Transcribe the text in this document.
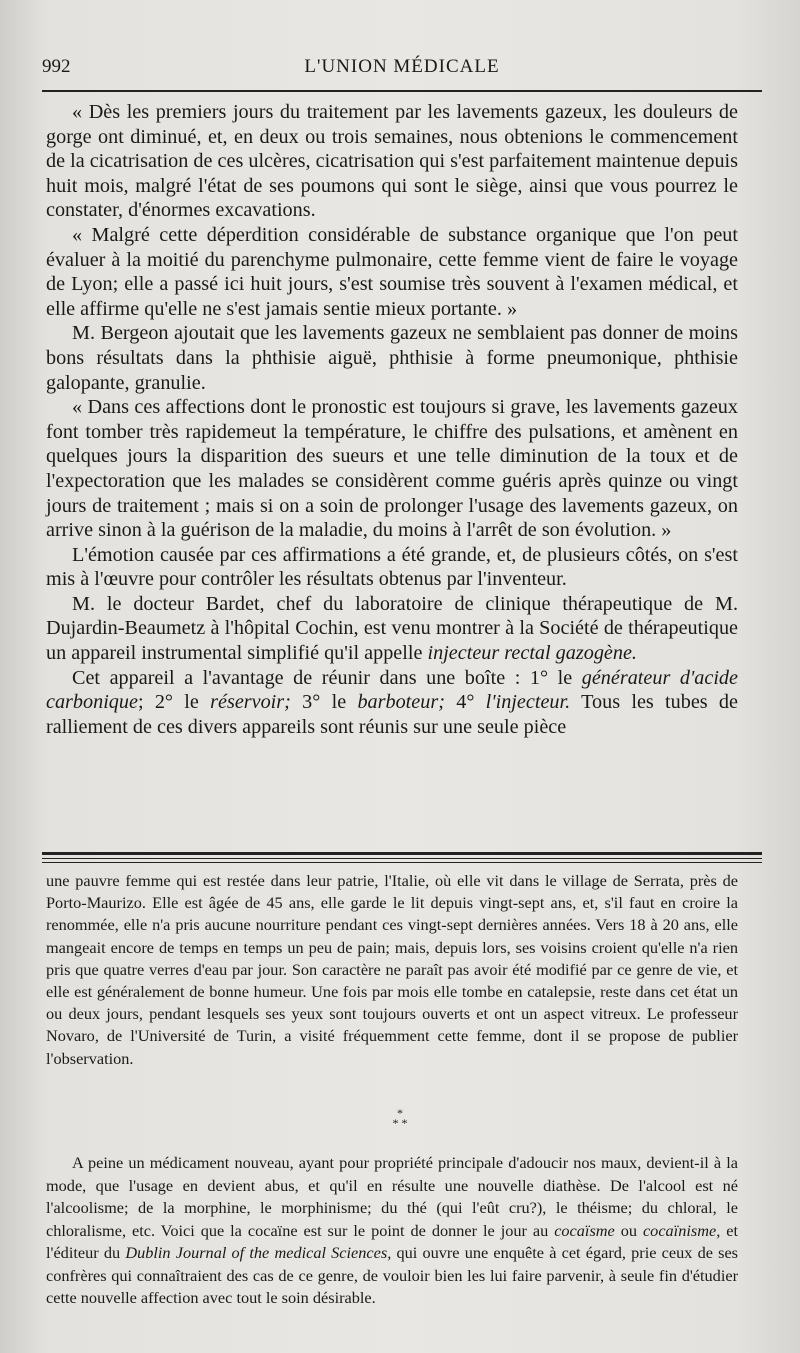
992	L'UNION MÉDICALE

« Dès les premiers jours du traitement par les lavements gazeux, les douleurs de gorge ont diminué, et, en deux ou trois semaines, nous obtenions le commencement de la cicatrisation de ces ulcères, cicatrisation qui s'est parfaitement maintenue depuis huit mois, malgré l'état de ses poumons qui sont le siège, ainsi que vous pourrez le constater, d'énormes excavations.

« Malgré cette déperdition considérable de substance organique que l'on peut évaluer à la moitié du parenchyme pulmonaire, cette femme vient de faire le voyage de Lyon; elle a passé ici huit jours, s'est soumise très souvent à l'examen médical, et elle affirme qu'elle ne s'est jamais sentie mieux portante. »

M. Bergeon ajoutait que les lavements gazeux ne semblaient pas donner de moins bons résultats dans la phthisie aiguë, phthisie à forme pneumonique, phthisie galopante, granulie.

« Dans ces affections dont le pronostic est toujours si grave, les lavements gazeux font tomber très rapidemeut la température, le chiffre des pulsations, et amènent en quelques jours la disparition des sueurs et une telle diminution de la toux et de l'expectoration que les malades se considèrent comme guéris après quinze ou vingt jours de traitement ; mais si on a soin de prolonger l'usage des lavements gazeux, on arrive sinon à la guérison de la maladie, du moins à l'arrêt de son évolution. »

L'émotion causée par ces affirmations a été grande, et, de plusieurs côtés, on s'est mis à l'œuvre pour contrôler les résultats obtenus par l'inventeur.

M. le docteur Bardet, chef du laboratoire de clinique thérapeutique de M. Dujardin-Beaumetz à l'hôpital Cochin, est venu montrer à la Société de thérapeutique un appareil instrumental simplifié qu'il appelle injecteur rectal gazogène.

Cet appareil a l'avantage de réunir dans une boîte : 1° le générateur d'acide carbonique; 2° le réservoir; 3° le barboteur; 4° l'injecteur. Tous les tubes de ralliement de ces divers appareils sont réunis sur une seule pièce

une pauvre femme qui est restée dans leur patrie, l'Italie, où elle vit dans le village de Serrata, près de Porto-Maurizo. Elle est âgée de 45 ans, elle garde le lit depuis vingt-sept ans, et, s'il faut en croire la renommée, elle n'a pris aucune nourriture pendant ces vingt-sept dernières années. Vers 18 à 20 ans, elle mangeait encore de temps en temps un peu de pain; mais, depuis lors, ses voisins croient qu'elle n'a rien pris que quatre verres d'eau par jour. Son caractère ne paraît pas avoir été modifié par ce genre de vie, et elle est généralement de bonne humeur. Une fois par mois elle tombe en catalepsie, reste dans cet état un ou deux jours, pendant lesquels ses yeux sont toujours ouverts et ont un aspect vitreux. Le professeur Novaro, de l'Université de Turin, a visité fréquemment cette femme, dont il se propose de publier l'observation.

*
* *

A peine un médicament nouveau, ayant pour propriété principale d'adoucir nos maux, devient-il à la mode, que l'usage en devient abus, et qu'il en résulte une nouvelle diathèse. De l'alcool est né l'alcoolisme; de la morphine, le morphinisme; du thé (qui l'eût cru?), le théisme; du chloral, le chloralisme, etc. Voici que la cocaïne est sur le point de donner le jour au cocaïsme ou cocaïnisme, et l'éditeur du Dublin Journal of the medical Sciences, qui ouvre une enquête à cet égard, prie ceux de ses confrères qui connaîtraient des cas de ce genre, de vouloir bien les lui faire parvenir, à seule fin d'étudier cette nouvelle affection avec tout le soin désirable.
